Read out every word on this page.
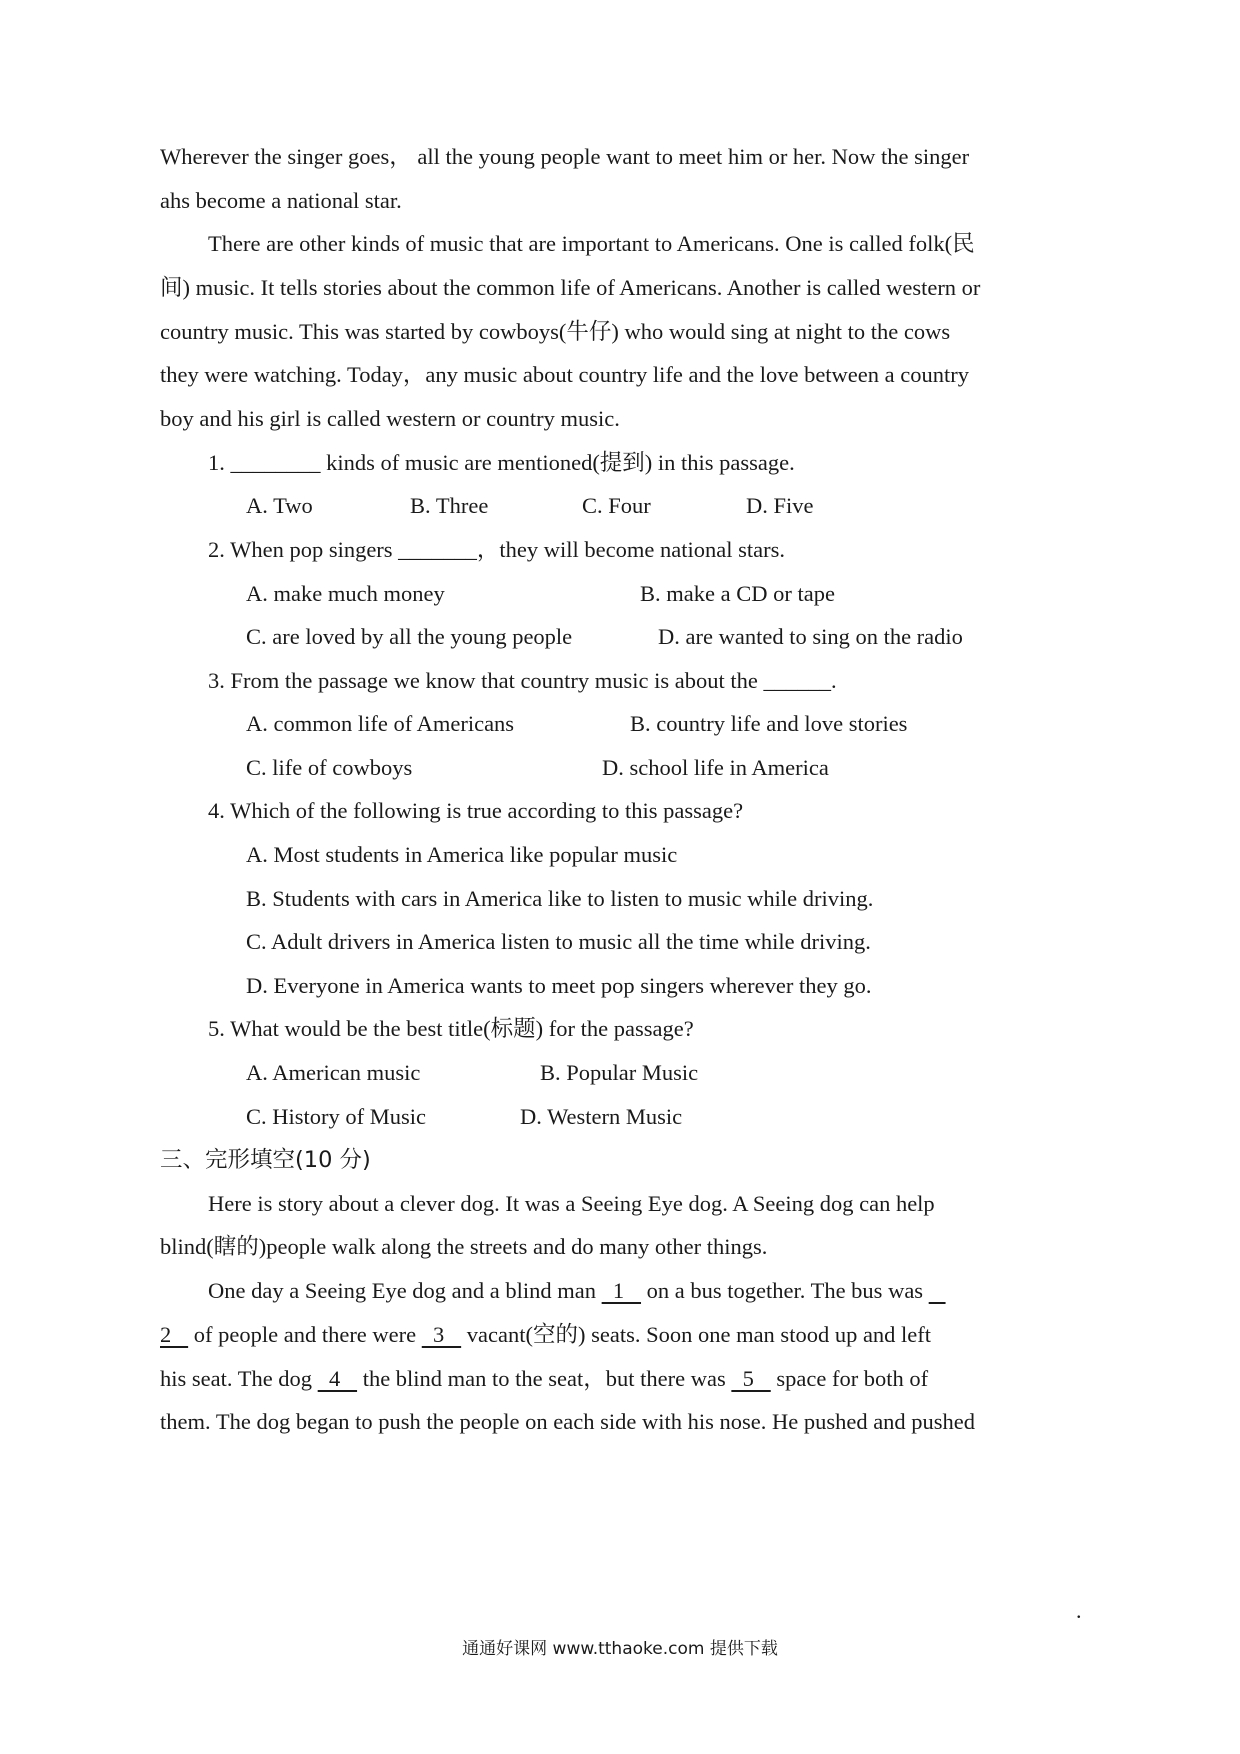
Wherever the singer goes， all the young people want to meet him or her. Now the singer
ahs become a national star.
There are other kinds of music that are important to Americans. One is called folk(民
间) music. It tells stories about the common life of Americans. Another is called western or
country music. This was started by cowboys(牛仔) who would sing at night to the cows
they were watching. Today，any music about country life and the love between a country
boy and his girl is called western or country music.
1. ________ kinds of music are mentioned(提到) in this passage.
A. Two	B. Three	C. Four	D. Five
2. When pop singers _______，they will become national stars.
A. make much money	B. make a CD or tape
C. are loved by all the young people	D. are wanted to sing on the radio
3. From the passage we know that country music is about the ______.
A. common life of Americans	B. country life and love stories
C. life of cowboys	D. school life in America
4. Which of the following is true according to this passage?
A. Most students in America like popular music
B. Students with cars in America like to listen to music while driving.
C. Adult drivers in America listen to music all the time while driving.
D. Everyone in America wants to meet pop singers wherever they go.
5. What would be the best title(标题) for the passage?
A. American music	B. Popular Music
C. History of Music	D. Western Music
三、完形填空(10 分)
Here is story about a clever dog. It was a Seeing Eye dog. A Seeing dog can help
blind(瞎的)people walk along the streets and do many other things.
One day a Seeing Eye dog and a blind man   1    on a bus together. The bus was
2    of people and there were   3    vacant(空的) seats. Soon one man stood up and left
his seat. The dog   4    the blind man to the seat，but there was   5    space for both of
them. The dog began to push the people on each side with his nose. He pushed and pushed
.
通通好课网 www.tthaoke.com 提供下载
